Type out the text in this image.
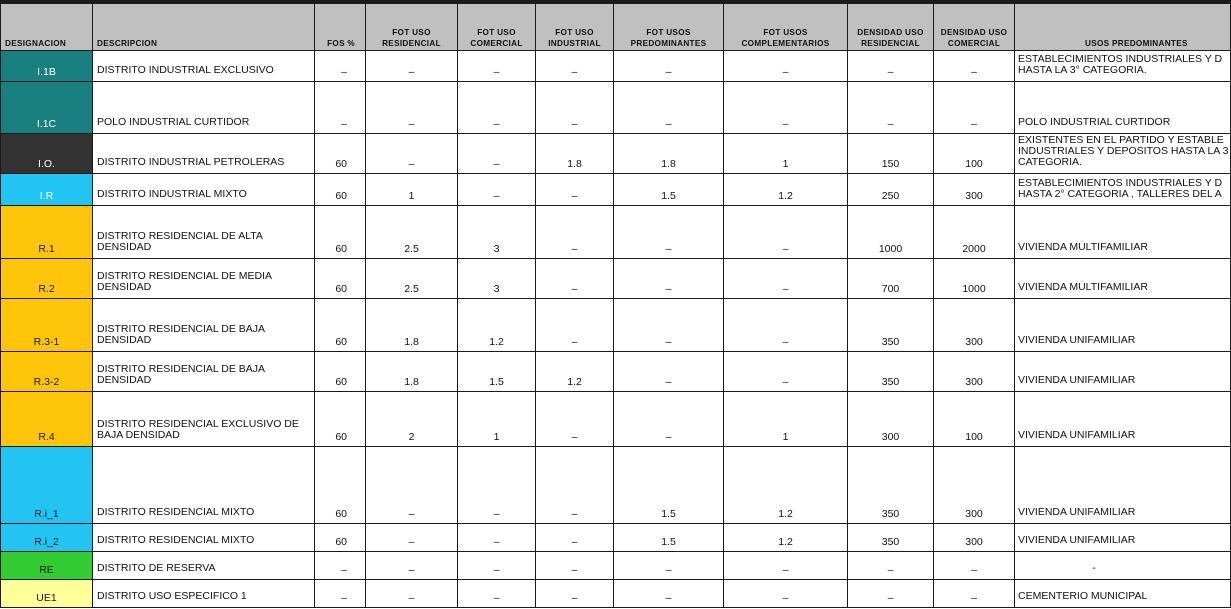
DESIGNACION	DESCRIPCION	FOS %	FOT USO RESIDENCIAL	FOT USO COMERCIAL	FOT USO INDUSTRIAL	FOT USOS PREDOMINANTES	FOT USOS COMPLEMENTARIOS	DENSIDAD USO RESIDENCIAL	DENSIDAD USO COMERCIAL	USOS PREDOMINANTES
I.1B	DISTRITO INDUSTRIAL EXCLUSIVO	–	–	–	–	–	–	–	–	ESTABLECIMIENTOS INDUSTRIALES Y D
HASTA LA 3° CATEGORIA.
I.1C	POLO INDUSTRIAL CURTIDOR	–	–	–	–	–	–	–	–	POLO INDUSTRIAL CURTIDOR
I.O.	DISTRITO INDUSTRIAL PETROLERAS	60	–	–	1.8	1.8	1	150	100	EXISTENTES EN EL PARTIDO Y ESTABLE
INDUSTRIALES Y DEPOSITOS HASTA LA 3
CATEGORIA.
I.R	DISTRITO INDUSTRIAL MIXTO	60	1	–	–	1.5	1.2	250	300	ESTABLECIMIENTOS INDUSTRIALES Y D
HASTA 2° CATEGORIA , TALLERES DEL A
R.1	DISTRITO RESIDENCIAL DE ALTA DENSIDAD	60	2.5	3	–	–	–	1000	2000	VIVIENDA MULTIFAMILIAR
R.2	DISTRITO RESIDENCIAL DE MEDIA DENSIDAD	60	2.5	3	–	–	–	700	1000	VIVIENDA MULTIFAMILIAR
R.3-1	DISTRITO RESIDENCIAL DE BAJA DENSIDAD	60	1.8	1.2	–	–	–	350	300	VIVIENDA UNIFAMILIAR
R.3-2	DISTRITO RESIDENCIAL DE BAJA DENSIDAD	60	1.8	1.5	1.2	–	–	350	300	VIVIENDA UNIFAMILIAR
R.4	DISTRITO RESIDENCIAL EXCLUSIVO DE BAJA DENSIDAD	60	2	1	–	–	1	300	100	VIVIENDA UNIFAMILIAR
R.i_1	DISTRITO RESIDENCIAL MIXTO	60	–	–	–	1.5	1.2	350	300	VIVIENDA UNIFAMILIAR
R.i_2	DISTRITO RESIDENCIAL MIXTO	60	–	–	–	1.5	1.2	350	300	VIVIENDA UNIFAMILIAR
RE	DISTRITO DE RESERVA	–	–	–	–	–	–	–	–	-
UE1	DISTRITO USO ESPECIFICO 1	–	–	–	–	–	–	–	–	CEMENTERIO MUNICIPAL
